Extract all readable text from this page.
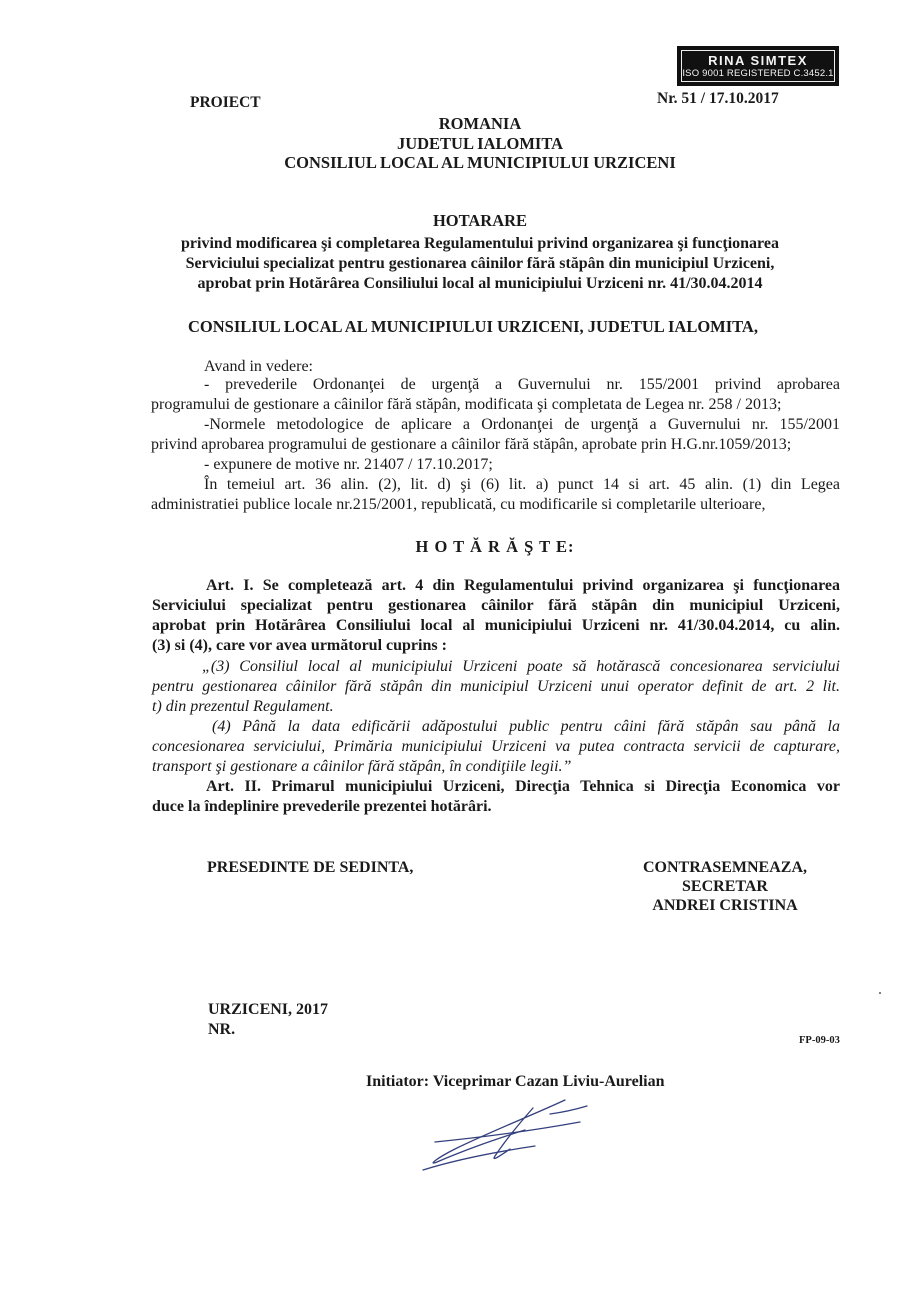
RINA SIMTEX
ISO 9001 REGISTERED C.3452.1
PROIECT	Nr. 51 / 17.10.2017
ROMANIA
JUDETUL IALOMITA
CONSILIUL LOCAL AL MUNICIPIULUI URZICENI
HOTARARE
privind modificarea şi completarea Regulamentului privind organizarea şi funcţionarea
Serviciului specializat pentru gestionarea câinilor fără stăpân din municipiul Urziceni,
aprobat prin Hotărârea Consiliului local al municipiului Urziceni nr. 41/30.04.2014
CONSILIUL LOCAL AL MUNICIPIULUI URZICENI, JUDETUL IALOMITA,
Avand in vedere:
- prevederile Ordonanţei de urgenţă a Guvernului nr. 155/2001 privind aprobarea
programului de gestionare a câinilor fără stăpân, modificata şi completata de Legea nr. 258 / 2013;
-Normele metodologice de aplicare a Ordonanţei de urgenţă a Guvernului nr. 155/2001
privind aprobarea programului de gestionare a câinilor fără stăpân, aprobate prin H.G.nr.1059/2013;
- expunere de motive nr. 21407 / 17.10.2017;
În temeiul art. 36 alin. (2), lit. d) şi (6) lit. a) punct 14 si art. 45 alin. (1) din Legea
administratiei publice locale nr.215/2001, republicată, cu modificarile si completarile ulterioare,
H O T Ă R Ă Ş T E:
Art. I. Se completează art. 4 din Regulamentului privind organizarea şi funcţionarea
Serviciului specializat pentru gestionarea câinilor fără stăpân din municipiul Urziceni,
aprobat prin Hotărârea Consiliului local al municipiului Urziceni nr. 41/30.04.2014, cu alin.
(3) si (4), care vor avea următorul cuprins :
„(3) Consiliul local al municipiului Urziceni poate să hotărască concesionarea serviciului
pentru gestionarea câinilor fără stăpân din municipiul Urziceni unui operator definit de art. 2 lit.
t) din prezentul Regulament.
(4) Până la data edificării adăpostului public pentru câini fără stăpân sau până la
concesionarea serviciului, Primăria municipiului Urziceni va putea contracta servicii de capturare,
transport şi gestionare a câinilor fără stăpân, în condiţiile legii.”
Art. II. Primarul municipiului Urziceni, Direcţia Tehnica si Direcţia Economica vor
duce la îndeplinire prevederile prezentei hotărâri.
PRESEDINTE DE SEDINTA,	CONTRASEMNEAZA,
SECRETAR
ANDREI CRISTINA
URZICENI, 2017
NR.
FP-09-03
Initiator: Viceprimar Cazan Liviu-Aurelian
